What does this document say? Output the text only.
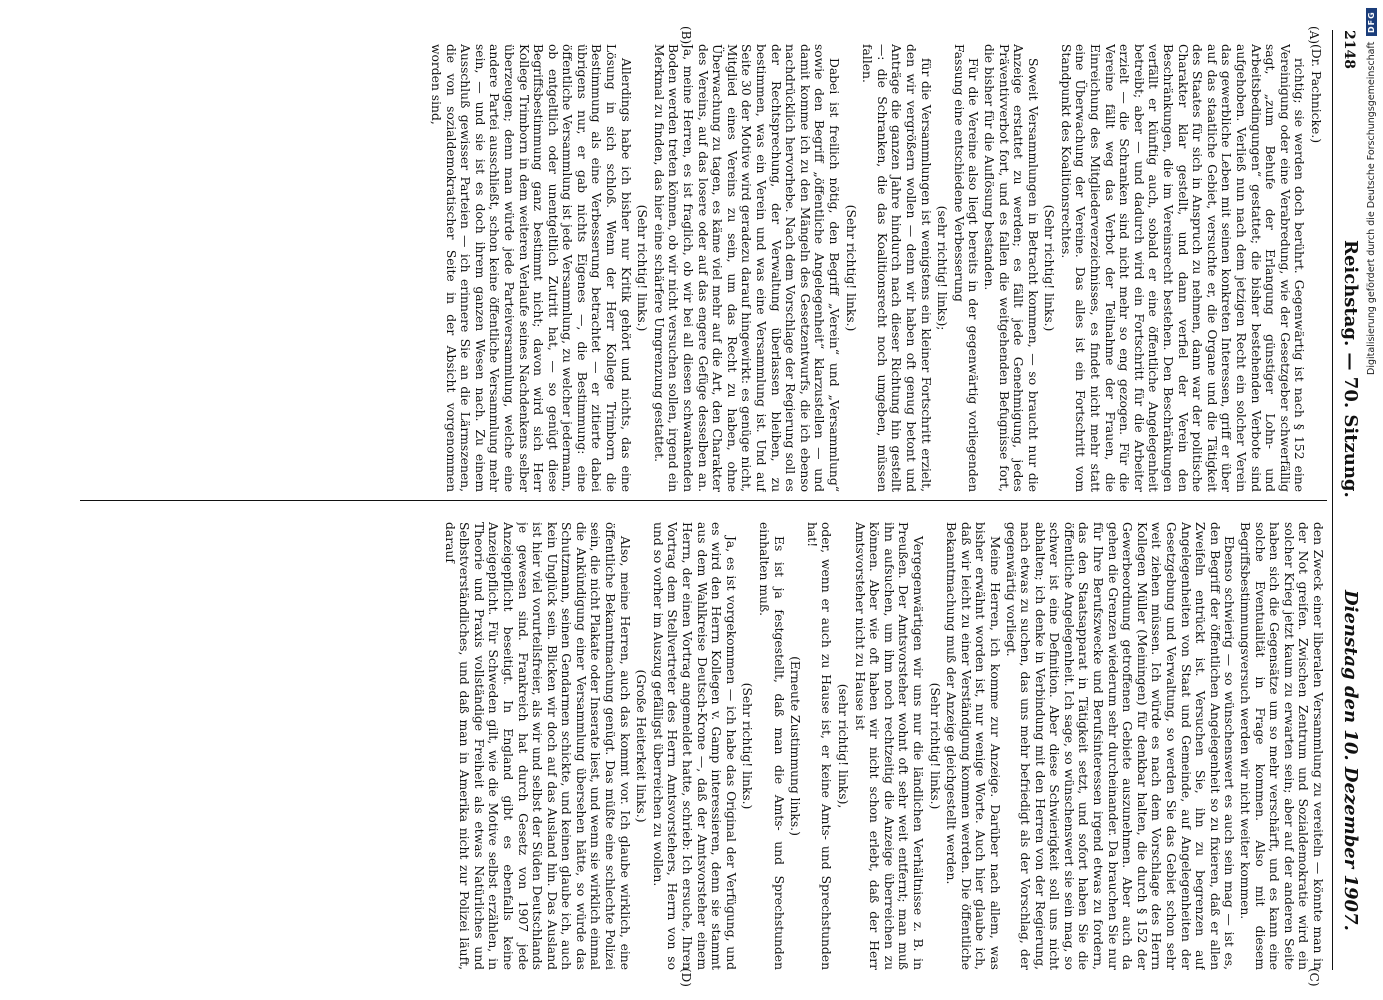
2148
Reichstag. — 70. Sitzung.
Dienstag den 10. Dezember 1907.
(A)
(B)
(C)
(D)

(Dr. Pachnicke.)

richtig; sie werden doch berührt. Gegenwärtig ist nach § 152 eine Vereinigung oder eine Verabredung, wie der Gesetzgeber schwerfällig sagt, „zum Behufe der Erlangung günstiger Lohn- und Arbeitsbedingungen“ gestattet; die bisher bestehenden Verbote sind aufgehoben. Verließ nun nach dem jetzigen Recht ein solcher Verein das gewerbliche Leben mit seinen konkreten Interessen, griff er über auf das staatliche Gebiet, versuchte er, die Organe und die Tätigkeit des Staates für sich in Anspruch zu nehmen, dann war der politische Charakter klar gestellt, und dann verfiel der Verein den Beschränkungen, die im Vereinsrecht bestehen. Den Beschränkungen verfällt er künftig auch, sobald er eine öffentliche Angelegenheit betreibt; aber — und dadurch wird ein Fortschritt für die Arbeiter erzielt — die Schranken sind nicht mehr so eng gezogen. Für die Vereine fällt weg das Verbot der Teilnahme der Frauen, die Einreichung des Mitgliederverzeichnisses, es findet nicht mehr statt eine Überwachung der Vereine. Das alles ist ein Fortschritt vom Standpunkt des Koalitionsrechtes.

(Sehr richtig! links.)

Soweit Versammlungen in Betracht kommen, — so braucht nur die Anzeige erstattet zu werden; es fällt jede Genehmigung, jedes Präventivverbot fort, und es fallen die weitgehenden Befugnisse fort, die bisher für die Auflösung bestanden.

Für die Vereine also liegt bereits in der gegenwärtig vorliegenden Fassung eine entschiedene Verbesserung

(sehr richtig! links);

für die Versammlungen ist wenigstens ein kleiner Fortschritt erzielt, den wir vergrößern wollen — denn wir haben oft genug betont und Anträge die ganzen Jahre hindurch nach dieser Richtung hin gestellt —: die Schranken, die das Koalitionsrecht noch umgeben, müssen fallen.

(Sehr richtig! links.)

Dabei ist freilich nötig, den Begriff „Verein“ und „Versammlung“ sowie den Begriff „öffentliche Angelegenheit“ klarzustellen — und damit komme ich zu den Mängeln des Gesetzentwurfs, die ich ebenso nachdrücklich hervorhebe. Nach dem Vorschlage der Regierung soll es der Rechtsprechung, der Verwaltung überlassen bleiben, zu bestimmen, was ein Verein und was eine Versammlung ist. Und auf Seite 30 der Motive wird geradezu darauf hingewirkt: es genüge nicht, Mitglied eines Vereins zu sein, um das Recht zu haben, ohne Überwachung zu tagen, es käme viel mehr auf die Art, den Charakter des Vereins, auf das losere oder auf das engere Gefüge desselben an. Ja, meine Herren, es ist fraglich, ob wir bei all diesen schwankenden Boden werden treten können, ob wir nicht versuchen sollen, irgend ein Merkmal zu finden, das hier eine schärfere Umgrenzung gestattet.

(Sehr richtig! links.)

Allerdings habe ich bisher nur Kritik gehört und nichts, das eine Lösung in sich schloß. Wenn der Herr Kollege Trimborn die Bestimmung als eine Verbesserung betrachtet — er zitierte dabei übrigens nur, er gab nichts Eigenes —, die Bestimmung: eine öffentliche Versammlung ist jede Versammlung, zu welcher jedermann, ob entgeltlich oder unentgeltlich Zutritt hat, — so genügt diese Begriffsbestimmung ganz bestimmt nicht; davon wird sich Herr Kollege Trimborn in dem weiteren Verlaufe seines Nachdenkens selber überzeugen; denn man würde jede Parteiversammlung, welche eine andere Partei ausschließt, schon keine öffentliche Versammlung mehr sein, — und sie ist es doch ihrem ganzen Wesen nach. Zu einem Ausschluß gewisser Parteien — ich erinnere Sie an die Lärmszenen, die von sozialdemokratischer Seite in der Absicht vorgenommen worden sind,

den Zweck einer liberalen Versammlung zu vereiteln — könnte man in der Not greifen. Zwischen Zentrum und Sozialdemokratie wird ein solcher Krieg jetzt kaum zu erwarten sein; aber auf der anderen Seite haben sich die Gegensätze um so mehr verschärft, und es kann eine solche Eventualität in Frage kommen. Also mit diesem Begriffsbestimmungsversuch werden wir nicht weiter kommen.

Ebenso schwierig — so wünschenswert es auch sein mag — ist es, den Begriff der öffentlichen Angelegenheit so zu fixieren, daß er allen Zweifeln entrückt ist. Versuchen Sie, ihn zu begrenzen auf Angelegenheiten von Staat und Gemeinde, auf Angelegenheiten der Gesetzgebung und Verwaltung, so werden Sie das Gebiet schon sehr weit ziehen müssen. Ich würde es nach dem Vorschlage des Herrn Kollegen Müller (Meiningen) für denkbar halten, die durch § 152 der Gewerbeordnung getroffenen Gebiete auszunehmen. Aber auch da gehen die Grenzen wiederum sehr durcheinander. Da brauchen Sie nur für Ihre Berufszwecke und Berufsinteressen irgend etwas zu fordern, das den Staatsapparat in Tätigkeit setzt, und sofort haben Sie die öffentliche Angelegenheit. Ich sage, so wünschenswert sie sein mag, so schwer ist eine Definition. Aber diese Schwierigkeit soll uns nicht abhalten; ich denke in Verbindung mit den Herren von der Regierung, nach etwas zu suchen, das uns mehr befriedigt als der Vorschlag, der gegenwärtig vorliegt.

Meine Herren, ich komme zur Anzeige. Darüber nach allem, was bisher erwähnt worden ist, nur wenige Worte. Auch hier glaube ich, daß wir leicht zu einer Verständigung kommen werden. Die öffentliche Bekanntmachung muß der Anzeige gleichgestellt werden.

(Sehr richtig! links.)

Vergegenwärtigen wir uns nur die ländlichen Verhältnisse z. B. in Preußen. Der Amtsvorsteher wohnt oft sehr weit entfernt; man muß ihn aufsuchen, um ihm noch rechtzeitig die Anzeige überreichen zu können. Aber wie oft haben wir nicht schon erlebt, daß der Herr Amtsvorsteher nicht zu Hause ist

(sehr richtig! links),

oder, wenn er auch zu Hause ist, er keine Amts- und Sprechstunden hat!

(Erneute Zustimmung links.)

Es ist ja festgestellt, daß man die Amts- und Sprechstunden einhalten muß.

(Sehr richtig! links.)

Ja, es ist vorgekommen — ich habe das Original der Verfügung, und es wird den Herrn Kollegen v. Gamp interessieren, denn sie stammt aus dem Wahlkreise Deutsch-Krone —, daß der Amtsvorsteher einem Herrn, der einen Vortrag angemeldet hatte, schrieb: Ich ersuche, Ihren Vortrag dem Stellvertreter des Herrn Amtsvorstehers, Herrn von so und so vorher im Auszug gefälligst überreichen zu wollen.

(Große Heiterkeit links.)

Also, meine Herren, auch das kommt vor. Ich glaube wirklich, eine öffentliche Bekanntmachung genügt. Das müßte eine schlechte Polizei sein, die nicht Plakate oder Inserate liest, und wenn sie wirklich einmal die Ankündigung einer Versammlung übersehen hätte, so würde das Schutzmann, seinen Gendarmen schickte, und keinen glaube ich, auch kein Unglück sein. Blicken wir doch auf das Ausland hin. Das Ausland ist hier viel vorurteilsfreier, als wir und selbst der Süden Deutschlands je gewesen sind. Frankreich hat durch Gesetz von 1907 jede Anzeigepflicht beseitigt. In England gibt es ebenfalls keine Anzeigepflicht. Für Schweden gilt, wie die Motive selbst erzählen, in Theorie und Praxis vollständige Freiheit als etwas Natürliches und Selbstverständliches, und daß man in Amerika nicht zur Polizei läuft, darauf

Digitalisierung gefördert durch die Deutsche Forschungsgemeinschaft
DFG
